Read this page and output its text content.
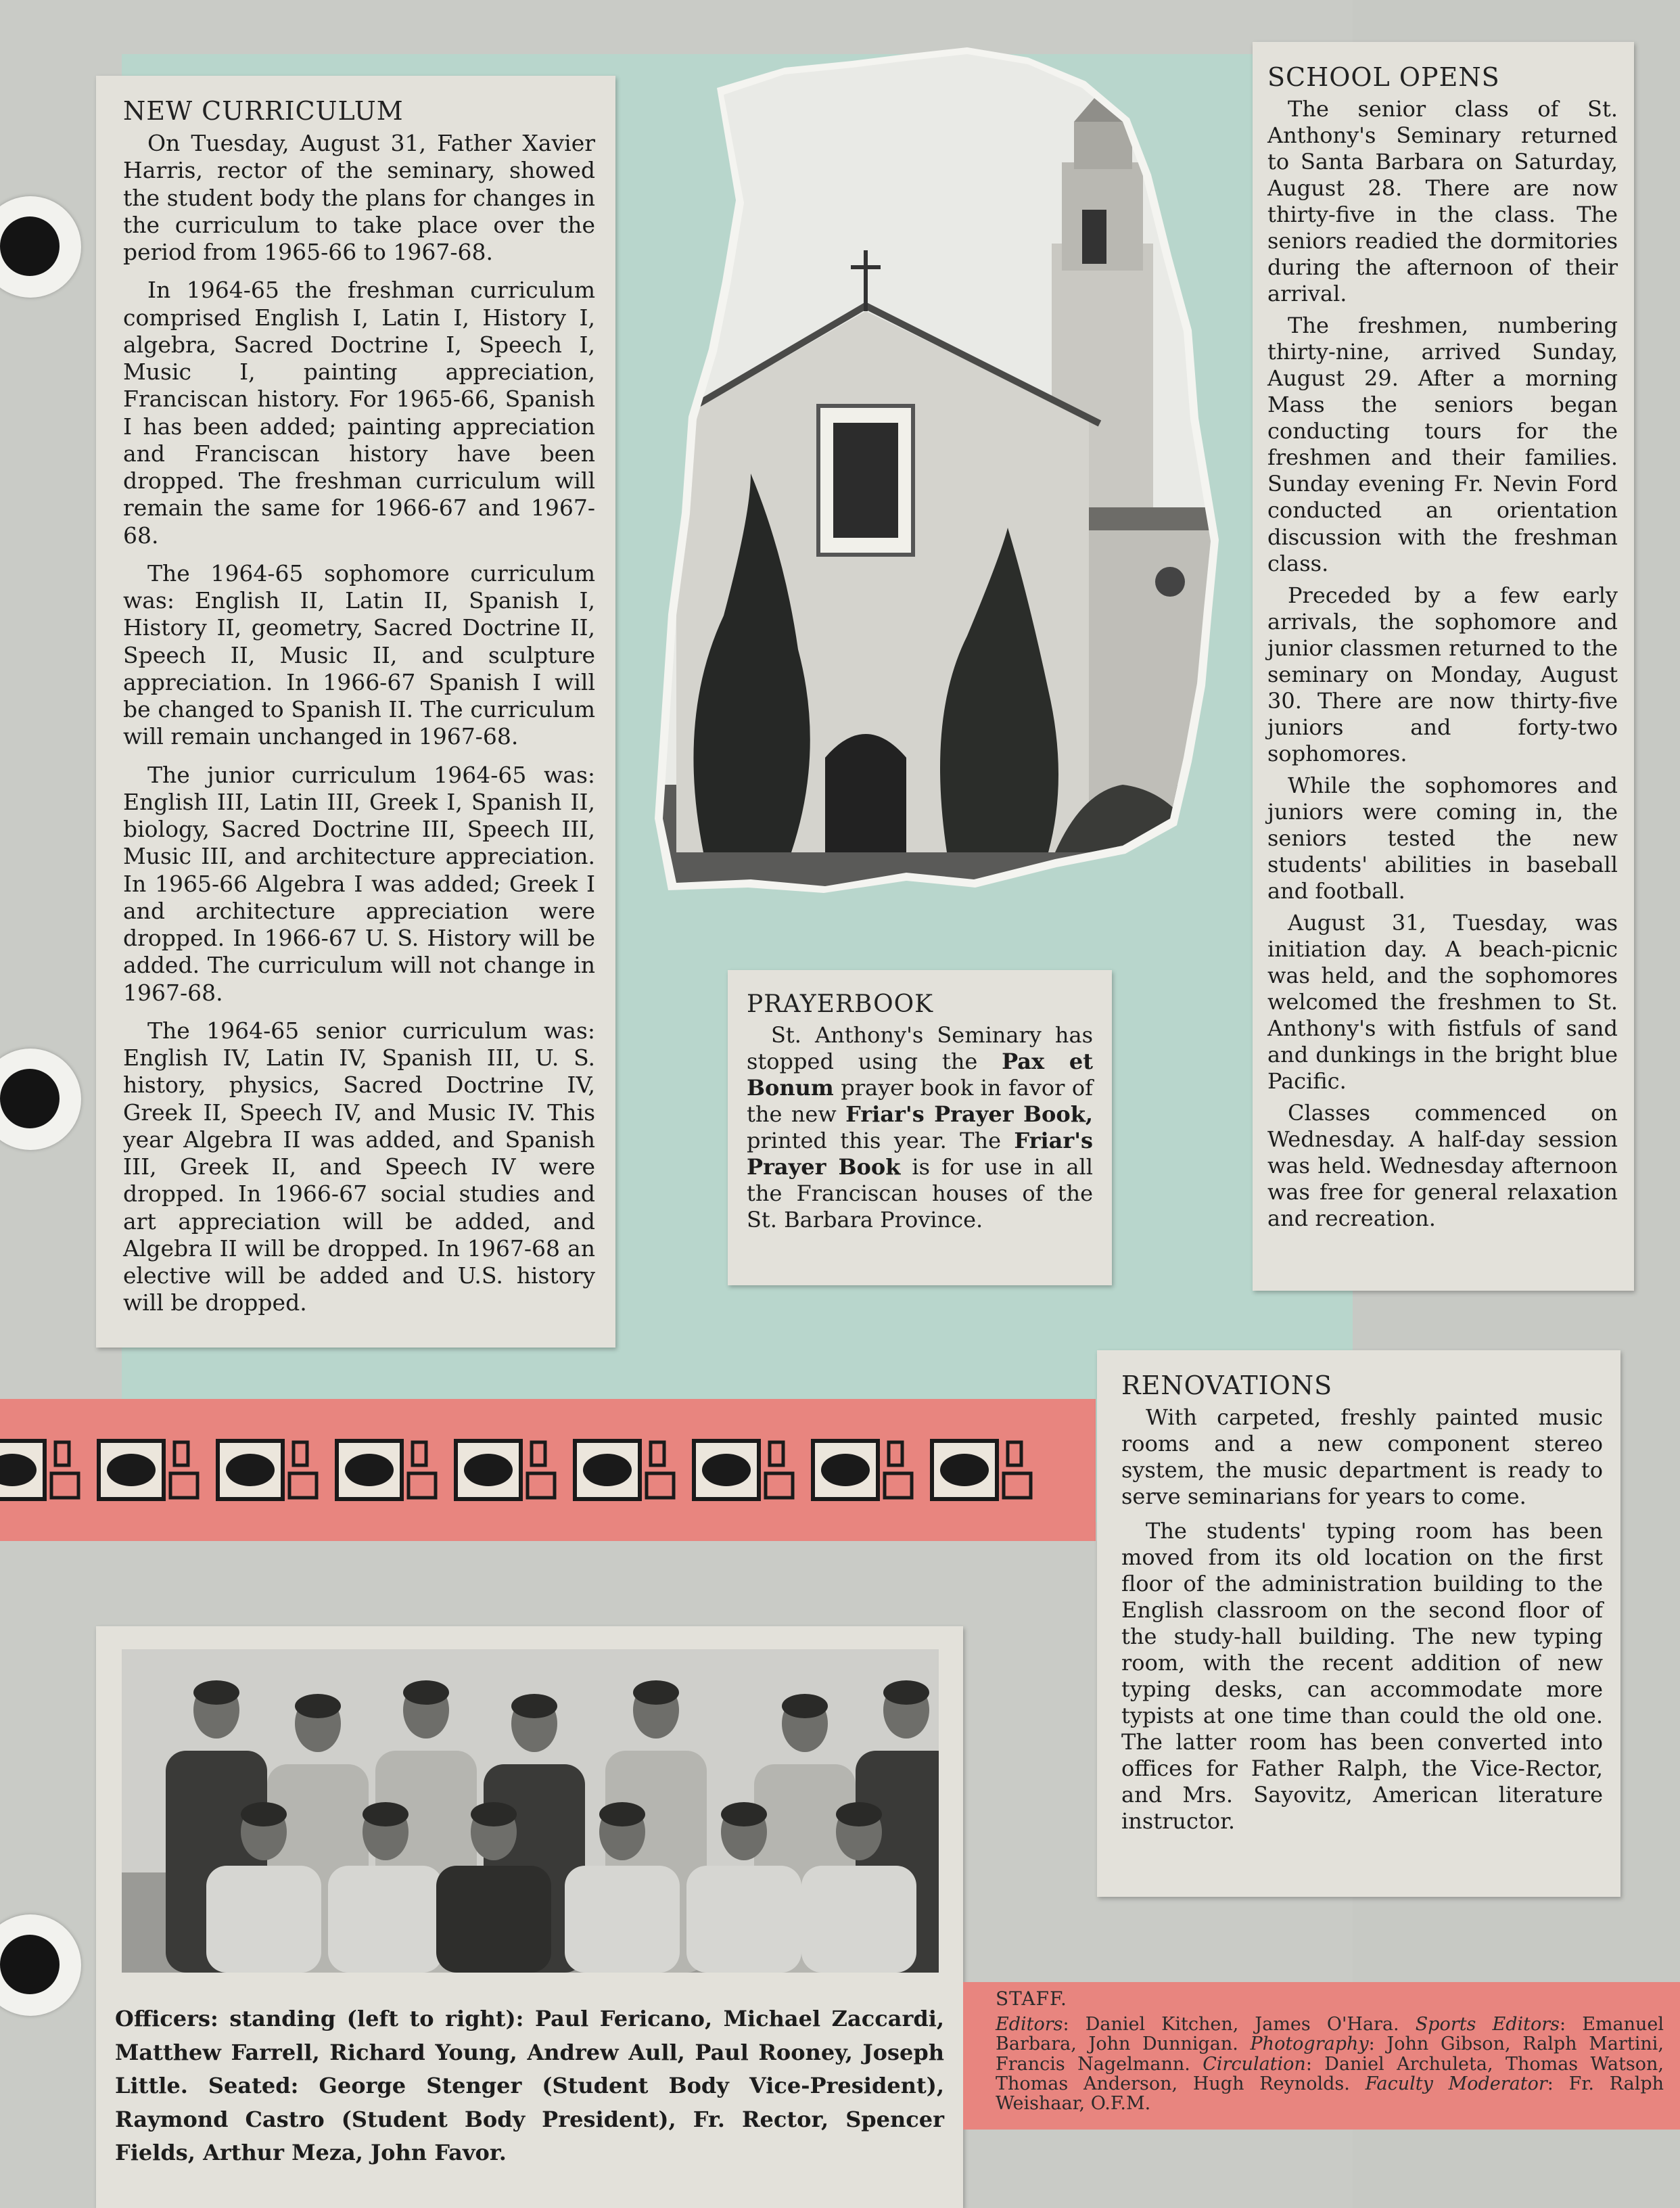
NEW CURRICULUM

On Tuesday, August 31, Father Xavier Harris, rector of the seminary, showed the student body the plans for changes in the curriculum to take place over the period from 1965-66 to 1967-68.

In 1964-65 the freshman curriculum comprised English I, Latin I, History I, algebra, Sacred Doctrine I, Speech I, Music I, painting appreciation, Franciscan history. For 1965-66, Spanish I has been added; painting appreciation and Franciscan history have been dropped. The freshman curriculum will remain the same for 1966-67 and 1967-68.

The 1964-65 sophomore curriculum was: English II, Latin II, Spanish I, History II, geometry, Sacred Doctrine II, Speech II, Music II, and sculpture appreciation. In 1966-67 Spanish I will be changed to Spanish II. The curriculum will remain unchanged in 1967-68.

The junior curriculum 1964-65 was: English III, Latin III, Greek I, Spanish II, biology, Sacred Doctrine III, Speech III, Music III, and architecture appreciation. In 1965-66 Algebra I was added; Greek I and architecture appreciation were dropped. In 1966-67 U. S. History will be added. The curriculum will not change in 1967-68.

The 1964-65 senior curriculum was: English IV, Latin IV, Spanish III, U. S. history, physics, Sacred Doctrine IV, Greek II, Speech IV, and Music IV. This year Algebra II was added, and Spanish III, Greek II, and Speech IV were dropped. In 1966-67 social studies and art appreciation will be added, and Algebra II will be dropped. In 1967-68 an elective will be added and U.S. history will be dropped.

SCHOOL OPENS

The senior class of St. Anthony's Seminary returned to Santa Barbara on Saturday, August 28. There are now thirty-five in the class. The seniors readied the dormitories during the afternoon of their arrival.

The freshmen, numbering thirty-nine, arrived Sunday, August 29. After a morning Mass the seniors began conducting tours for the freshmen and their families. Sunday evening Fr. Nevin Ford conducted an orientation discussion with the freshman class.

Preceded by a few early arrivals, the sophomore and junior classmen returned to the seminary on Monday, August 30. There are now thirty-five juniors and forty-two sophomores.

While the sophomores and juniors were coming in, the seniors tested the new students' abilities in baseball and football.

August 31, Tuesday, was initiation day. A beach-picnic was held, and the sophomores welcomed the freshmen to St. Anthony's with fistfuls of sand and dunkings in the bright blue Pacific.

Classes commenced on Wednesday. A half-day session was held. Wednesday afternoon was free for general relaxation and recreation.

PRAYERBOOK

St. Anthony's Seminary has stopped using the Pax et Bonum prayer book in favor of the new Friar's Prayer Book, printed this year. The Friar's Prayer Book is for use in all the Franciscan houses of the St. Barbara Province.

RENOVATIONS

With carpeted, freshly painted music rooms and a new component stereo system, the music department is ready to serve seminarians for years to come.

The students' typing room has been moved from its old location on the first floor of the administration building to the English classroom on the second floor of the study-hall building. The new typing room, with the recent addition of new typing desks, can accommodate more typists at one time than could the old one. The latter room has been converted into offices for Father Ralph, the Vice-Rector, and Mrs. Sayovitz, American literature instructor.

Officers: standing (left to right): Paul Fericano, Michael Zaccardi, Matthew Farrell, Richard Young, Andrew Aull, Paul Rooney, Joseph Little. Seated: George Stenger (Student Body Vice-President), Raymond Castro (Student Body President), Fr. Rector, Spencer Fields, Arthur Meza, John Favor.
STAFF.

Editors: Daniel Kitchen, James O'Hara. Sports Editors: Emanuel Barbara, John Dunnigan. Photography: John Gibson, Ralph Martini, Francis Nagelmann. Circulation: Daniel Archuleta, Thomas Watson, Thomas Anderson, Hugh Reynolds. Faculty Moderator: Fr. Ralph Weishaar, O.F.M.
